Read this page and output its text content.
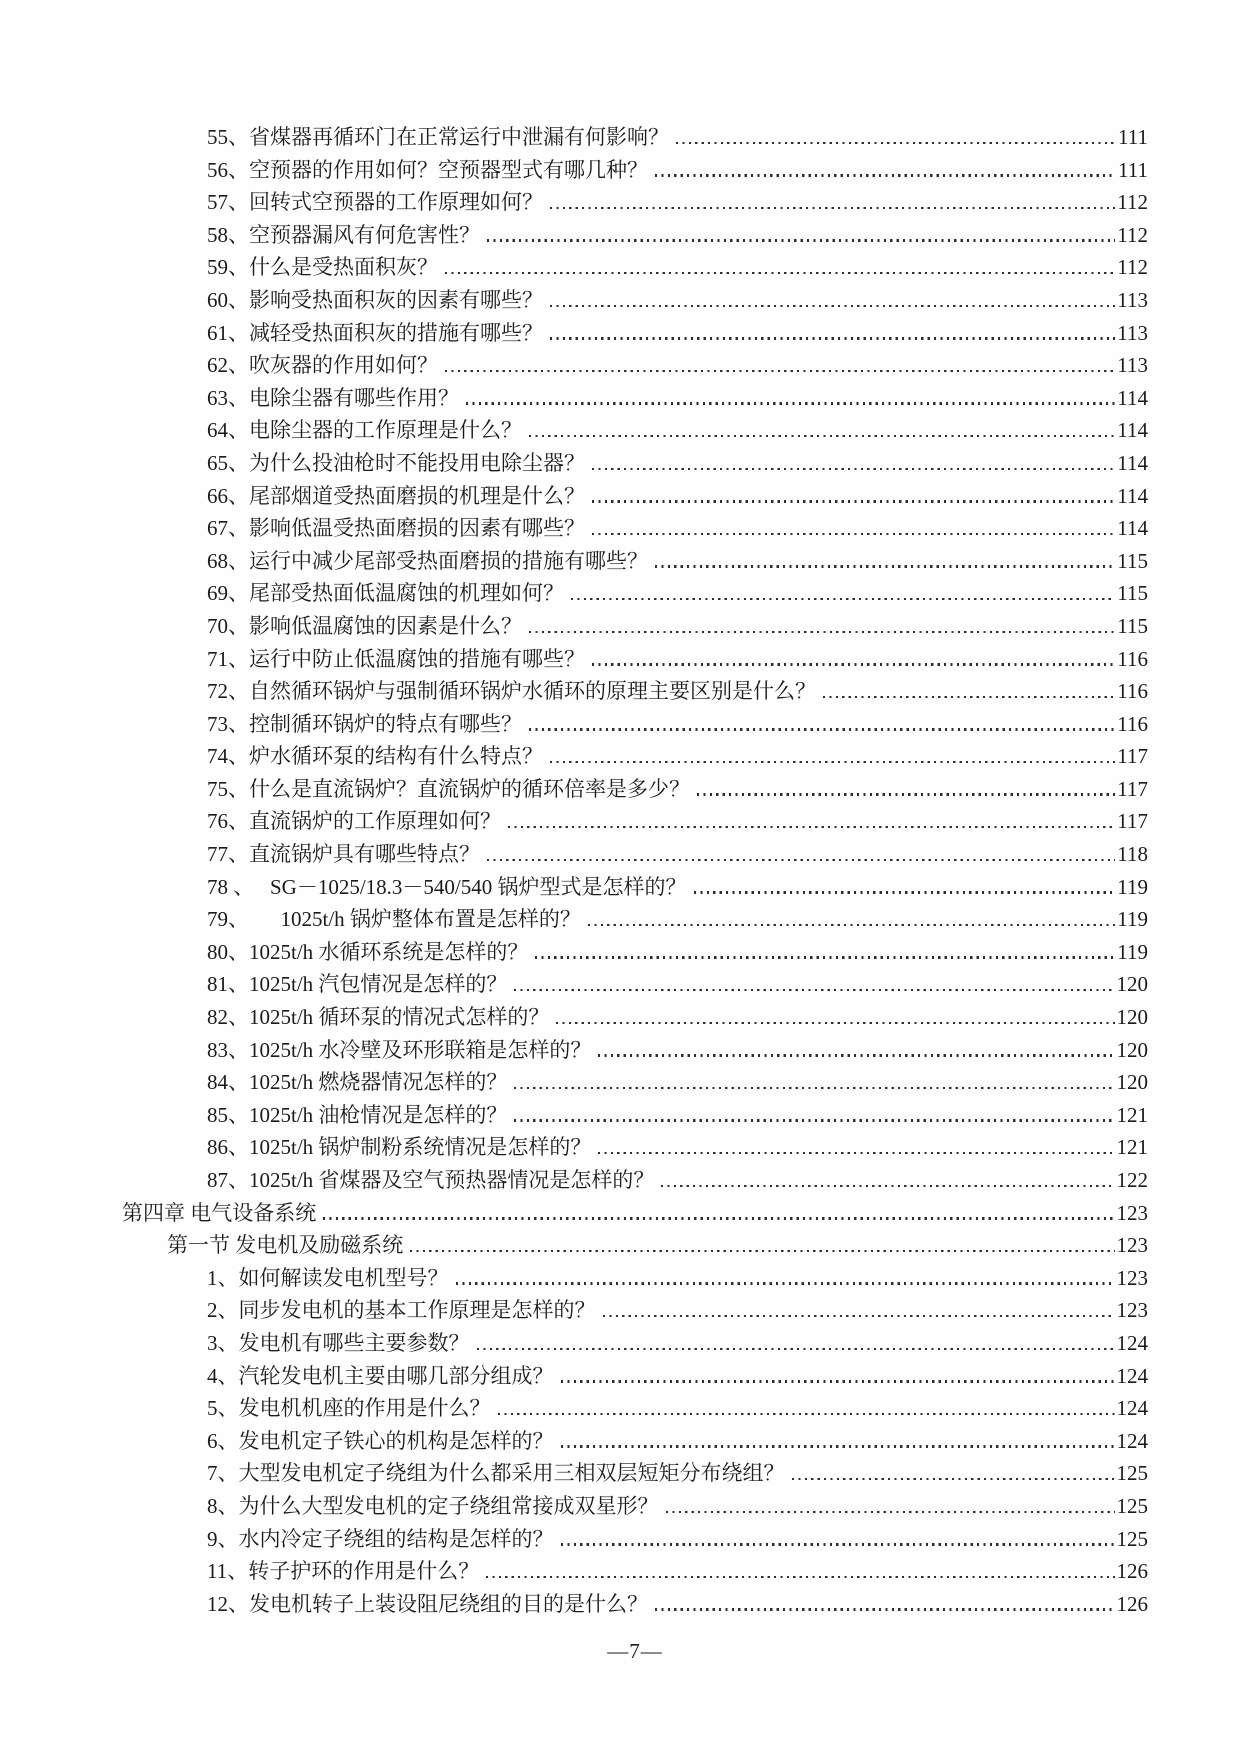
55、省煤器再循环门在正常运行中泄漏有何影响？	111
56、空预器的作用如何？空预器型式有哪几种？	111
57、回转式空预器的工作原理如何？	112
58、空预器漏风有何危害性？	112
59、什么是受热面积灰？	112
60、影响受热面积灰的因素有哪些？	113
61、减轻受热面积灰的措施有哪些？	113
62、吹灰器的作用如何？	113
63、电除尘器有哪些作用？	114
64、电除尘器的工作原理是什么？	114
65、为什么投油枪时不能投用电除尘器？	114
66、尾部烟道受热面磨损的机理是什么？	114
67、影响低温受热面磨损的因素有哪些？	114
68、运行中减少尾部受热面磨损的措施有哪些？	115
69、尾部受热面低温腐蚀的机理如何？	115
70、影响低温腐蚀的因素是什么？	115
71、运行中防止低温腐蚀的措施有哪些？	116
72、自然循环锅炉与强制循环锅炉水循环的原理主要区别是什么？	116
73、控制循环锅炉的特点有哪些？	116
74、炉水循环泵的结构有什么特点？	117
75、什么是直流锅炉？直流锅炉的循环倍率是多少？	117
76、直流锅炉的工作原理如何？	117
77、直流锅炉具有哪些特点？	118
78 、　 SG－1025/18.3－540/540 锅炉型式是怎样的？	119
79、　　1025t/h 锅炉整体布置是怎样的？	119
80、1025t/h 水循环系统是怎样的？	119
81、1025t/h 汽包情况是怎样的？	120
82、1025t/h 循环泵的情况式怎样的？	120
83、1025t/h 水冷壁及环形联箱是怎样的？	120
84、1025t/h 燃烧器情况怎样的？	120
85、1025t/h 油枪情况是怎样的？	121
86、1025t/h 锅炉制粉系统情况是怎样的？	121
87、1025t/h 省煤器及空气预热器情况是怎样的？	122
第四章 电气设备系统	123
第一节 发电机及励磁系统	123
1、如何解读发电机型号？	123
2、同步发电机的基本工作原理是怎样的？	123
3、发电机有哪些主要参数？	124
4、汽轮发电机主要由哪几部分组成？	124
5、发电机机座的作用是什么？	124
6、发电机定子铁心的机构是怎样的？	124
7、大型发电机定子绕组为什么都采用三相双层短矩分布绕组？	125
8、为什么大型发电机的定子绕组常接成双星形？	125
9、水内冷定子绕组的结构是怎样的？	125
11、转子护环的作用是什么？	126
12、发电机转子上装设阻尼绕组的目的是什么？	126
—7—
